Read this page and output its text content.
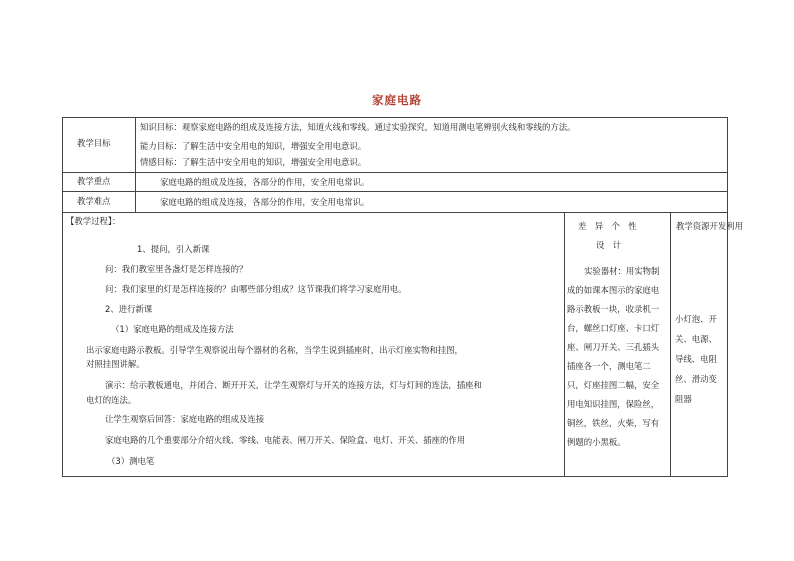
家庭电路
教学目标
知识目标：观察家庭电路的组成及连接方法，知道火线和零线。通过实验探究，知道用测电笔辨别火线和零线的方法。
能力目标：了解生活中安全用电的知识，增强安全用电意识。
情感目标：了解生活中安全用电的知识，增强安全用电意识。
教学重点	家庭电路的组成及连接，各部分的作用，安全用电常识。
教学难点	家庭电路的组成及连接，各部分的作用，安全用电常识。
【教学过程】：
1、提问，引入新课
问：我们教室里各盏灯是怎样连接的？
问：我们家里的灯是怎样连接的？由哪些部分组成？这节课我们将学习家庭用电。
2、进行新课
（1）家庭电路的组成及连接方法
出示家庭电路示教板。引导学生观察说出每个器材的名称，当学生说到插座时，出示灯座实物和挂图，
对照挂图讲解。
演示：给示教板通电，并闭合、断开开关，让学生观察灯与开关的连接方法，灯与灯间的连法，插座和
电灯的连法。
让学生观察后回答：家庭电路的组成及连接
家庭电路的几个重要部分介绍火线、零线、电能表、闸刀开关、保险盒、电灯、开关、插座的作用
（3）测电笔
差　异　个　性
设　计
实验器材：用实物制成的如课本图示的家庭电路示教板一块，收录机一台，螺丝口灯座、卡口灯座、闸刀开关、三孔插头插座各一个，测电笔二只，灯座挂图二幅，安全用电知识挂图，保险丝，铜丝，铁丝，火柴，写有例题的小黑板。
教学资源开发利用
小灯泡、开关、电源、导线、电阻丝、滑动变阻器
